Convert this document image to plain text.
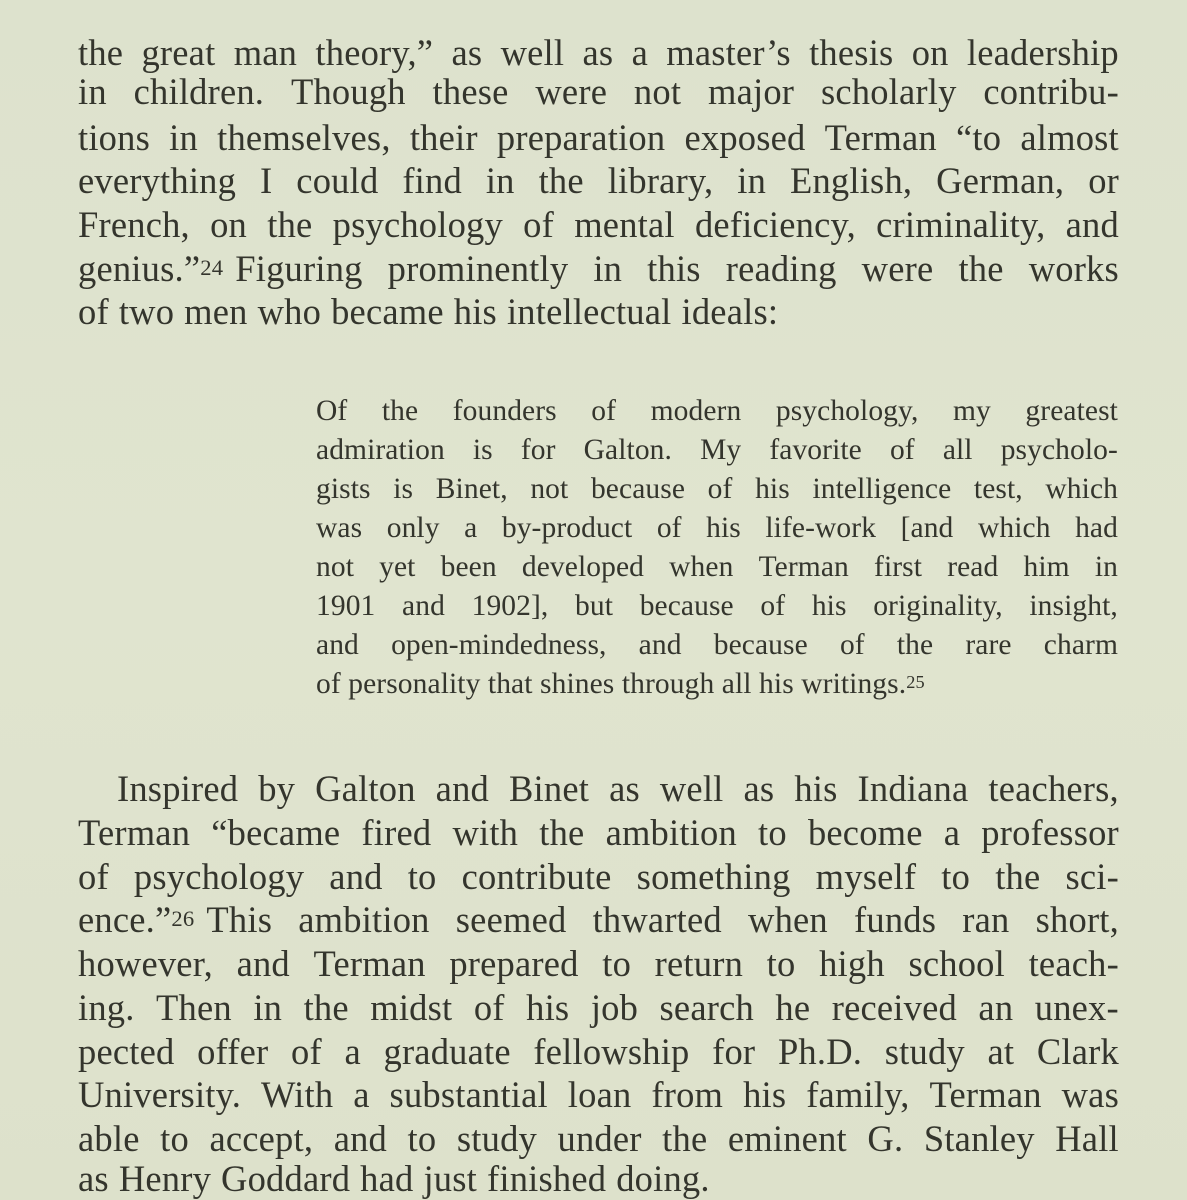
the great man theory,” as well as a master’s thesis on leadership
in children. Though these were not major scholarly contribu-
tions in themselves, their preparation exposed Terman “to almost
everything I could find in the library, in English, German, or
French, on the psychology of mental deficiency, criminality, and
genius.”$^{24}$ Figuring prominently in this reading were the works
of two men who became his intellectual ideals:
Of the founders of modern psychology, my greatest
admiration is for Galton. My favorite of all psycholo-
gists is Binet, not because of his intelligence test, which
was only a by-product of his life-work [and which had
not yet been developed when Terman first read him in
1901 and 1902], but because of his originality, insight,
and open-mindedness, and because of the rare charm
of personality that shines through all his writings.$^{25}$
Inspired by Galton and Binet as well as his Indiana teachers,
Terman “became fired with the ambition to become a professor
of psychology and to contribute something myself to the sci-
ence.”$^{26}$ This ambition seemed thwarted when funds ran short,
however, and Terman prepared to return to high school teach-
ing. Then in the midst of his job search he received an unex-
pected offer of a graduate fellowship for Ph.D. study at Clark
University. With a substantial loan from his family, Terman was
able to accept, and to study under the eminent G. Stanley Hall
as Henry Goddard had just finished doing.
